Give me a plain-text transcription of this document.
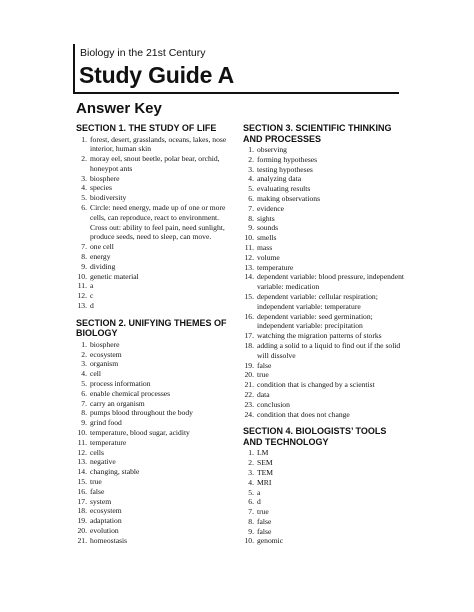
Biology in the 21st Century
Study Guide A
Answer Key
SECTION 1. THE STUDY OF LIFE
1. forest, desert, grasslands, oceans, lakes, nose interior, human skin
2. moray eel, snout beetle, polar bear, orchid, honeypot ants
3. biosphere
4. species
5. biodiversity
6. Circle: need energy, made up of one or more cells, can reproduce, react to environment. Cross out: ability to feel pain, need sunlight, produce seeds, need to sleep, can move.
7. one cell
8. energy
9. dividing
10. genetic material
11. a
12. c
13. d
SECTION 2. UNIFYING THEMES OF BIOLOGY
1. biosphere
2. ecosystem
3. organism
4. cell
5. process information
6. enable chemical processes
7. carry an organism
8. pumps blood throughout the body
9. grind food
10. temperature, blood sugar, acidity
11. temperature
12. cells
13. negative
14. changing, stable
15. true
16. false
17. system
18. ecosystem
19. adaptation
20. evolution
21. homeostasis
SECTION 3. SCIENTIFIC THINKING AND PROCESSES
1. observing
2. forming hypotheses
3. testing hypotheses
4. analyzing data
5. evaluating results
6. making observations
7. evidence
8. sights
9. sounds
10. smells
11. mass
12. volume
13. temperature
14. dependent variable: blood pressure, independent variable: medication
15. dependent variable: cellular respiration; independent variable: temperature
16. dependent variable: seed germination; independent variable: precipitation
17. watching the migration patterns of storks
18. adding a solid to a liquid to find out if the solid will dissolve
19. false
20. true
21. condition that is changed by a scientist
22. data
23. conclusion
24. condition that does not change
SECTION 4. BIOLOGISTS’ TOOLS AND TECHNOLOGY
1. LM
2. SEM
3. TEM
4. MRI
5. a
6. d
7. true
8. false
9. false
10. genomic
